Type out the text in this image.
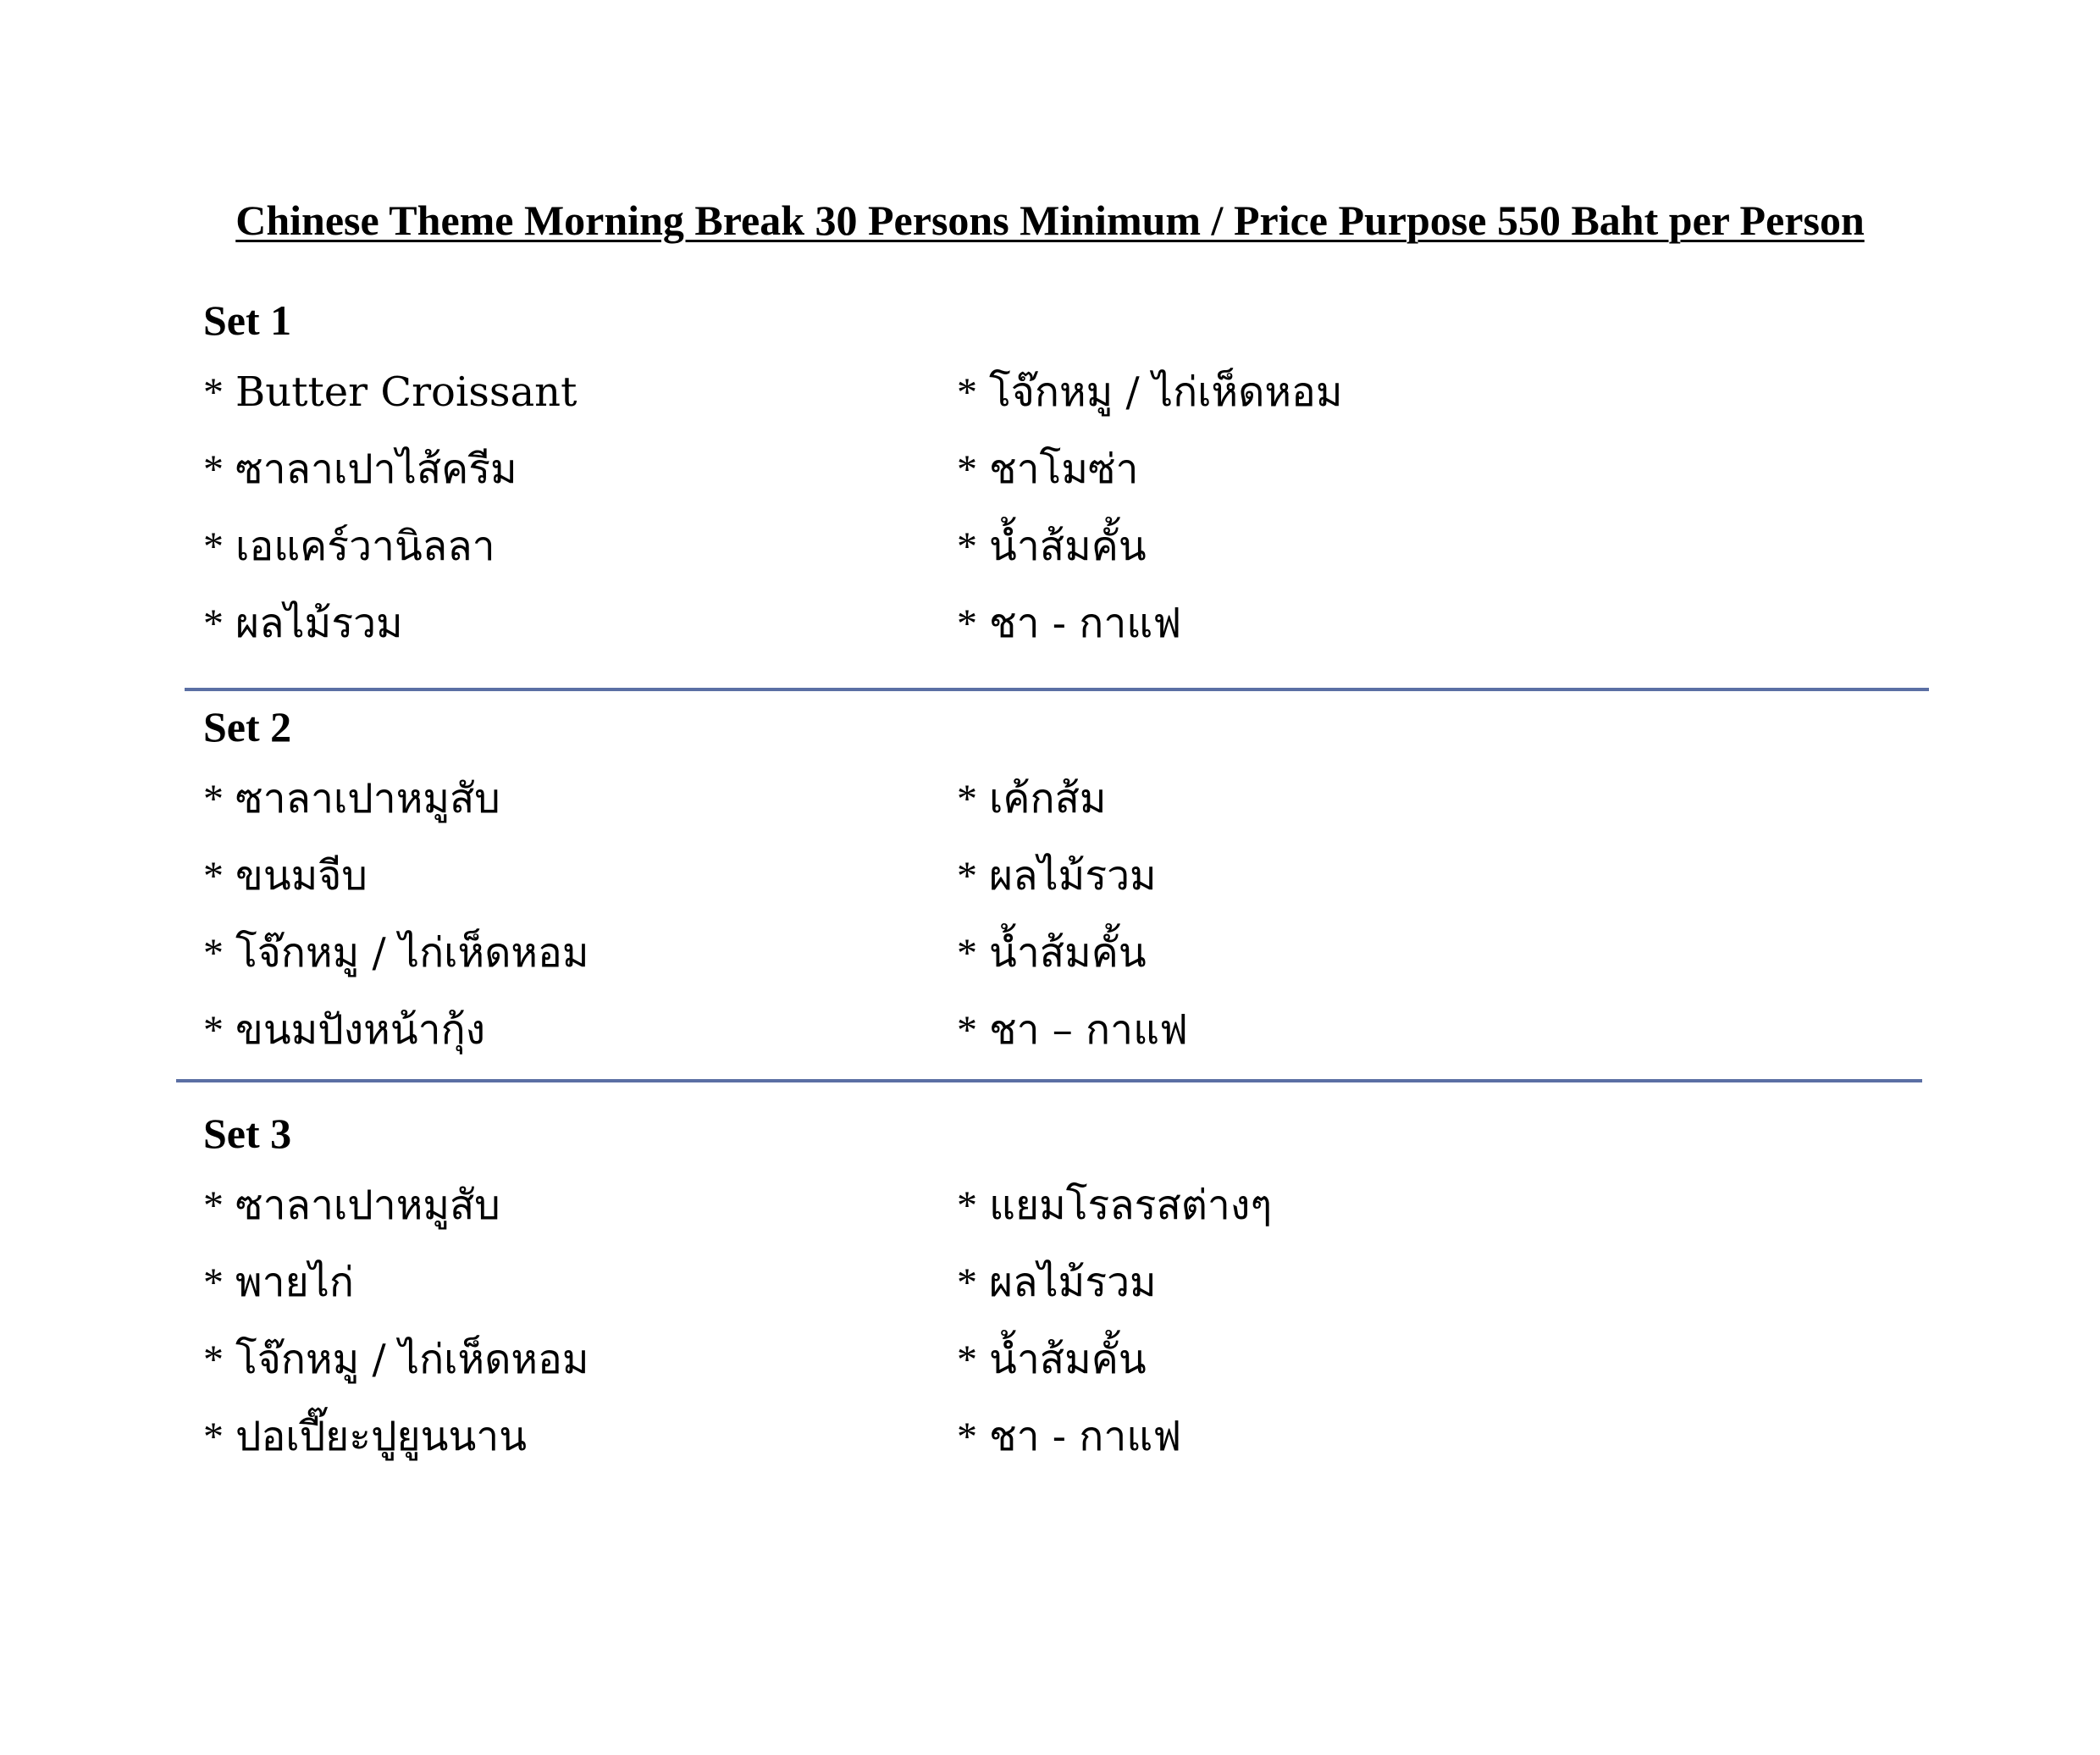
Chinese Theme Morning Break 30 Persons Minimum / Price Purpose 550 Baht per Person
Set 1
* Butter Croissant
* ซาลาเปาไส้ครีม
* เอแคร์วานิลลา
* ผลไม้รวม
* โจ๊กหมู / ไก่เห็ดหอม
* ชาโมซ่า
* น้ำส้มคั้น
* ชา - กาแฟ
Set 2
* ซาลาเปาหมูสับ
* ขนมจีบ
* โจ๊กหมู / ไก่เห็ดหอม
* ขนมปังหน้ากุ้ง
* เค้กส้ม
* ผลไม้รวม
* น้ำส้มคั้น
* ชา – กาแฟ
Set 3
* ซาลาเปาหมูสับ
* พายไก่
* โจ๊กหมู / ไก่เห็ดหอม
* ปอเปี๊ยะปูยูนนาน
* แยมโรลรสต่างๆ
* ผลไม้รวม
* น้ำส้มคั้น
* ชา - กาแฟ
